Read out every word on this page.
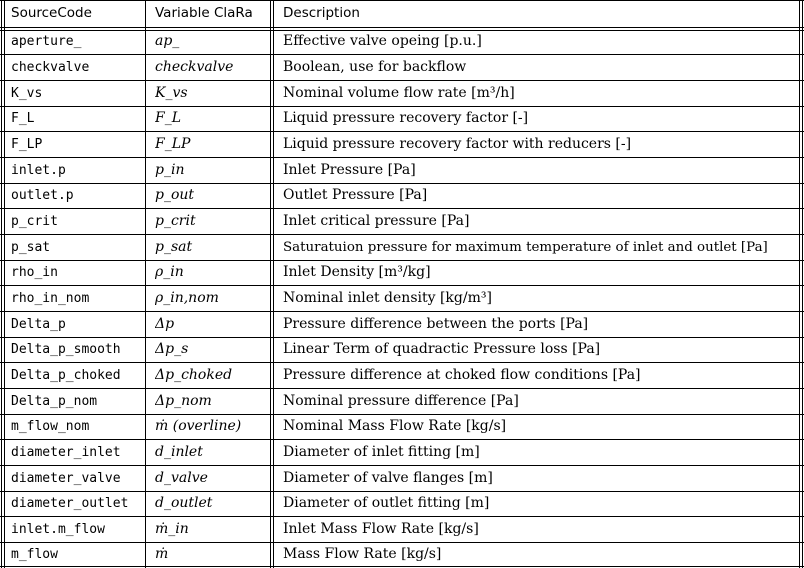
SourceCode	Variable ClaRa	Description
aperture_	ap_	Effective valve opeing [p.u.]
checkvalve	checkvalve	Boolean, use for backflow
K_vs	K_vs	Nominal volume flow rate [m³/h]
F_L	F_L	Liquid pressure recovery factor [-]
F_LP	F_LP	Liquid pressure recovery factor with reducers [-]
inlet.p	p_in	Inlet Pressure [Pa]
outlet.p	p_out	Outlet Pressure [Pa]
p_crit	p_crit	Inlet critical pressure [Pa]
p_sat	p_sat	Saturatuion pressure for maximum temperature of inlet and outlet [Pa]
rho_in	ρ_in	Inlet Density [m³/kg]
rho_in_nom	ρ_in,nom	Nominal inlet density [kg/m³]
Delta_p	Δp	Pressure difference between the ports [Pa]
Delta_p_smooth	Δp_s	Linear Term of quadractic Pressure loss [Pa]
Delta_p_choked	Δp_choked	Pressure difference at choked flow conditions [Pa]
Delta_p_nom	Δp_nom	Nominal pressure difference [Pa]
m_flow_nom	ṁ (overline)	Nominal Mass Flow Rate [kg/s]
diameter_inlet	d_inlet	Diameter of inlet fitting [m]
diameter_valve	d_valve	Diameter of valve flanges [m]
diameter_outlet	d_outlet	Diameter of outlet fitting [m]
inlet.m_flow	ṁ_in	Inlet Mass Flow Rate [kg/s]
m_flow	ṁ	Mass Flow Rate [kg/s]
